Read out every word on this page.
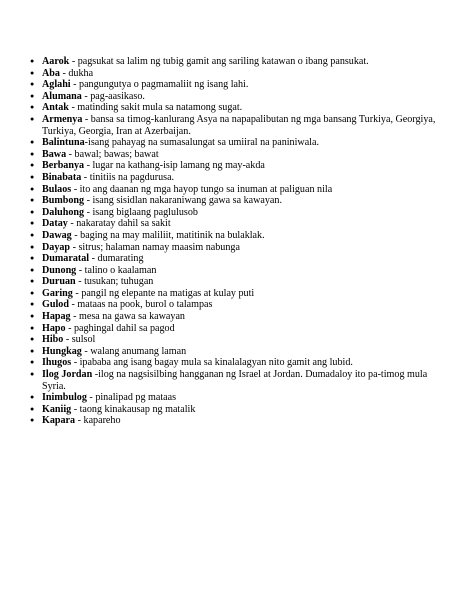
● Aarok - pagsukat sa lalim ng tubig gamit ang sariling katawan o ibang pansukat.
● Aba - dukha
● Aglahi - pangungutya o pagmamaliit ng isang lahi.
● Alumana - pag-aasikaso.
● Antak - matinding sakit mula sa natamong sugat.
● Armenya - bansa sa timog-kanlurang Asya na napapalibutan ng mga bansang Turkiya, Georgiya, Turkiya, Georgia, Iran at Azerbaijan.
● Balintuna-isang pahayag na sumasalungat sa umiiral na paniniwala.
● Bawa - bawal; bawas; bawat
● Berbanya - lugar na kathang-isip lamang ng may-akda
● Binabata - tinitiis na pagdurusa.
● Bulaos - ito ang daanan ng mga hayop tungo sa inuman at paliguan nila
● Bumbong - isang sisidlan nakaraniwang gawa sa kawayan.
● Daluhong - isang biglaang paglulusob
● Datay - nakaratay dahil sa sakit
● Dawag - baging na may maliliit, matitinik na bulaklak.
● Dayap - sitrus; halaman namay maasim nabunga
● Dumaratal - dumarating
● Dunong - talino o kaalaman
● Duruan - tusukan; tuhugan
● Garing - pangil ng elepante na matigas at kulay puti
● Gulod - mataas na pook, burol o talampas
● Hapag - mesa na gawa sa kawayan
● Hapo - paghingal dahil sa pagod
● Hibo - sulsol
● Hungkag - walang anumang laman
● Ihugos - ipababa ang isang bagay mula sa kinalalagyan nito gamit ang lubid.
● Ilog Jordan -ilog na nagsisilbing hangganan ng Israel at Jordan. Dumadaloy ito pa-timog mula Syria.
● Inimbulog - pinalipad pg mataas
● Kaniig - taong kinakausap ng matalik
● Kapara - kapareho
